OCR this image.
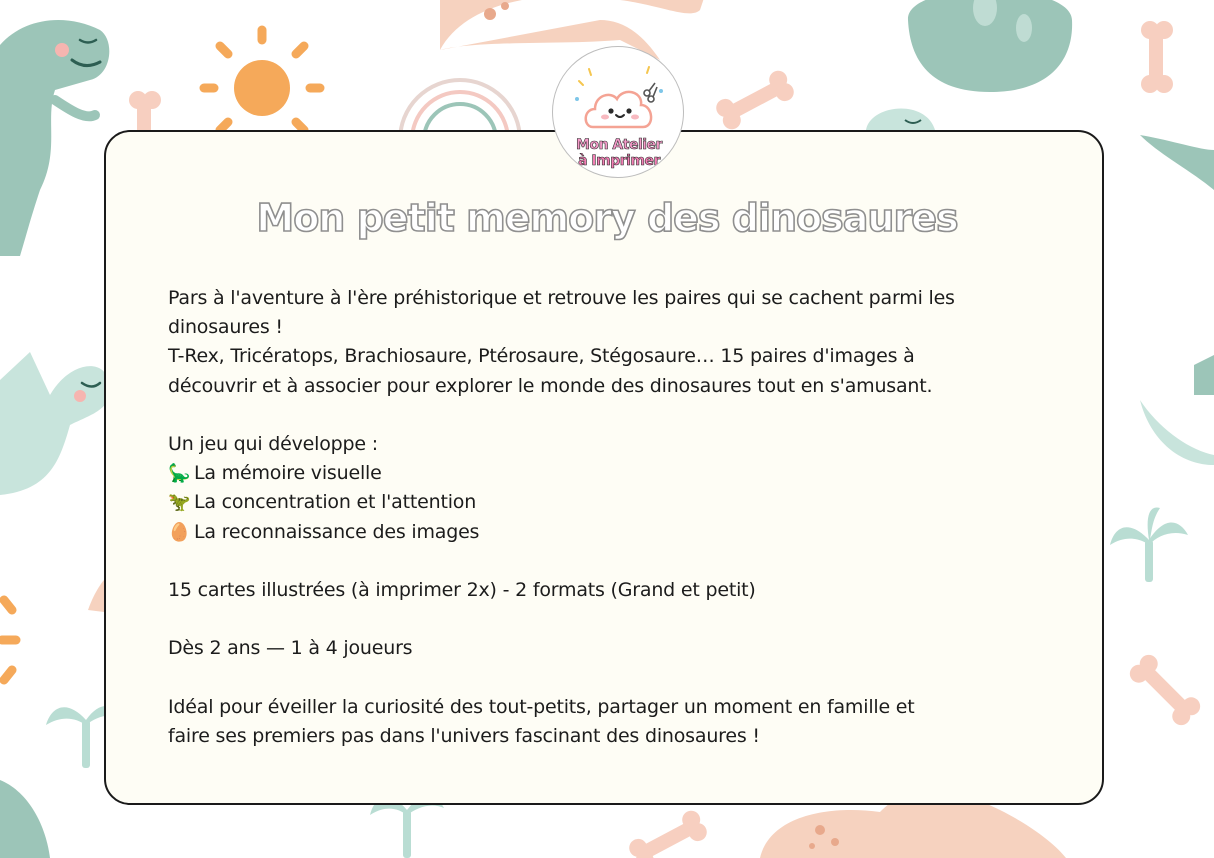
Pars à l'aventure à l'ère préhistorique et retrouve les paires qui se cachent parmi les
dinosaures !
T-Rex, Tricératops, Brachiosaure, Ptérosaure, Stégosaure… 15 paires d'images à
découvrir et à associer pour explorer le monde des dinosaures tout en s'amusant.
Un jeu qui développe :
🦕 La mémoire visuelle
🦖 La concentration et l'attention
🥚 La reconnaissance des images
15 cartes illustrées (à imprimer 2x) - 2 formats (Grand et petit)
Dès 2 ans — 1 à 4 joueurs
Idéal pour éveiller la curiosité des tout-petits, partager un moment en famille et
faire ses premiers pas dans l'univers fascinant des dinosaures !
Mon petit memory des dinosaures
Mon Atelier
à Imprimer
